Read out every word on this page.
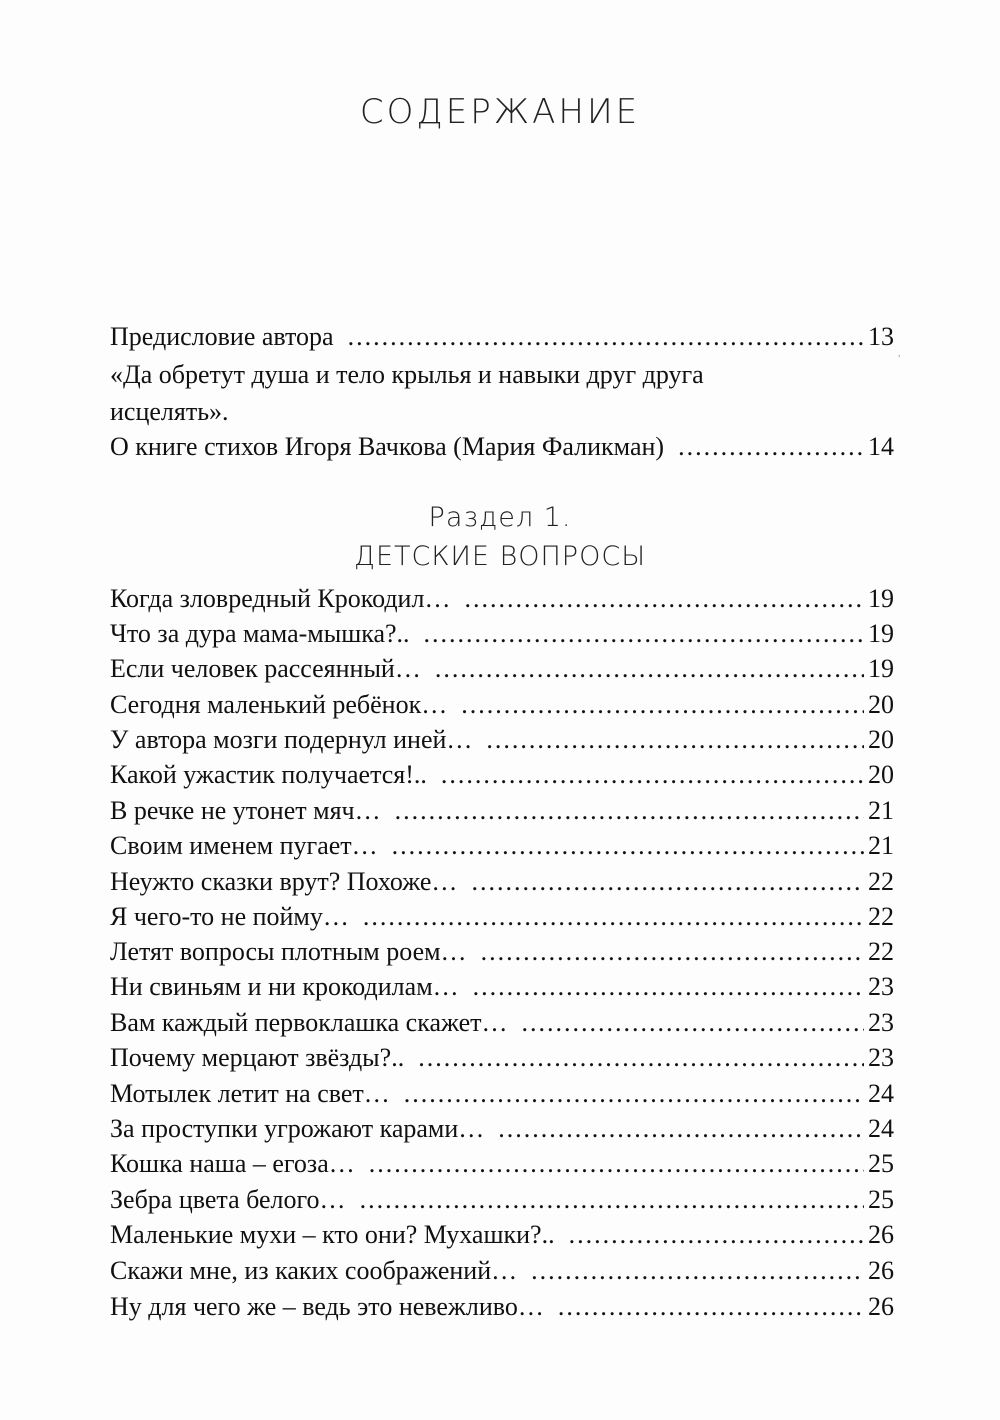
СОДЕРЖАНИЕ
Предисловие автора .....	13
,
«Да обретут душа и тело крылья и навыки друг друга
исцелять».
О книге стихов Игоря Вачкова (Мария Фаликман) .....	14
Раздел 1.
ДЕТСКИЕ ВОПРОСЫ
Когда зловредный Крокодил… .....	19
Что за дура мама-мышка?.. .....	19
Если человек рассеянный… .....	19
Сегодня маленький ребёнок… .....	20
У автора мозги подернул иней… .....	20
Какой ужастик получается!.. .....	20
В речке не утонет мяч… .....	21
Своим именем пугает… .....	21
Неужто сказки врут? Похоже… .....	22
Я чего-то не пойму… .....	22
Летят вопросы плотным роем… .....	22
Ни свиньям и ни крокодилам… .....	23
Вам каждый первоклашка скажет… .....	23
Почему мерцают звёзды?.. .....	23
Мотылек летит на свет… .....	24
За проступки угрожают карами… .....	24
Кошка наша – егоза… .....	25
Зебра цвета белого… .....	25
Маленькие мухи – кто они? Мухашки?.. .....	26
Скажи мне, из каких соображений… .....	26
Ну для чего же – ведь это невежливо… .....	26
